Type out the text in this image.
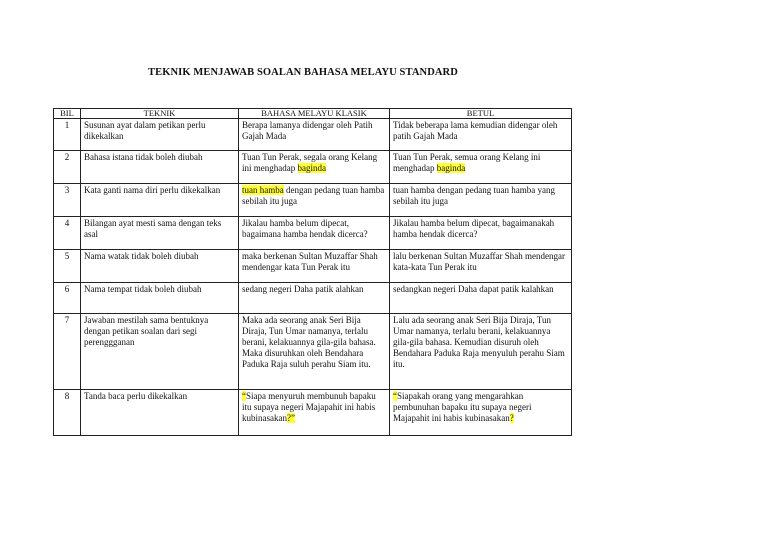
TEKNIK MENJAWAB SOALAN BAHASA MELAYU STANDARD
BIL	TEKNIK	BAHASA MELAYU KLASIK	BETUL
1	Susunan ayat dalam petikan perlu dikekalkan	Berapa lamanya didengar oleh Patih Gajah Mada	Tidak beberapa lama kemudian didengar oleh patih Gajah Mada
2	Bahasa istana tidak boleh diubah	Tuan Tun Perak, segala orang Kelang ini menghadap baginda	Tuan Tun Perak, semua orang Kelang ini menghadap baginda
3	Kata ganti nama diri perlu dikekalkan	tuan hamba dengan pedang tuan hamba sebilah itu juga	tuan hamba dengan pedang tuan hamba yang sebilah itu juga
4	Bilangan ayat mesti sama dengan teks asal	Jikalau hamba belum dipecat, bagaimana hamba hendak dicerca?	Jikalau hamba belum dipecat, bagaimanakah hamba hendak dicerca?
5	Nama watak tidak boleh diubah	maka berkenan Sultan Muzaffar Shah mendengar kata Tun Perak itu	lalu berkenan Sultan Muzaffar Shah mendengar kata-kata Tun Perak itu
6	Nama tempat tidak boleh diubah	sedang negeri Daha patik alahkan	sedangkan negeri Daha dapat patik kalahkan
7	Jawaban mestilah sama bentuknya dengan petikan soalan dari segi perenggganan	Maka ada seorang anak Seri Bija Diraja, Tun Umar namanya, terlalu berani, kelakuannya gila-gila bahasa. Maka disuruhkan oleh Bendahara Paduka Raja suluh perahu Siam itu.	Lalu ada seorang anak Seri Bija Diraja, Tun Umar namanya, terlalu berani, kelakuannya gila-gila bahasa. Kemudian disuruh oleh Bendahara Paduka Raja menyuluh perahu Siam itu.
8	Tanda baca perlu dikekalkan	“Siapa menyuruh membunuh bapaku itu supaya negeri Majapahit ini habis kubinasakan?”	“Siapakah orang yang mengarahkan pembunuhan bapaku itu supaya negeri Majapahit ini habis kubinasakan?
